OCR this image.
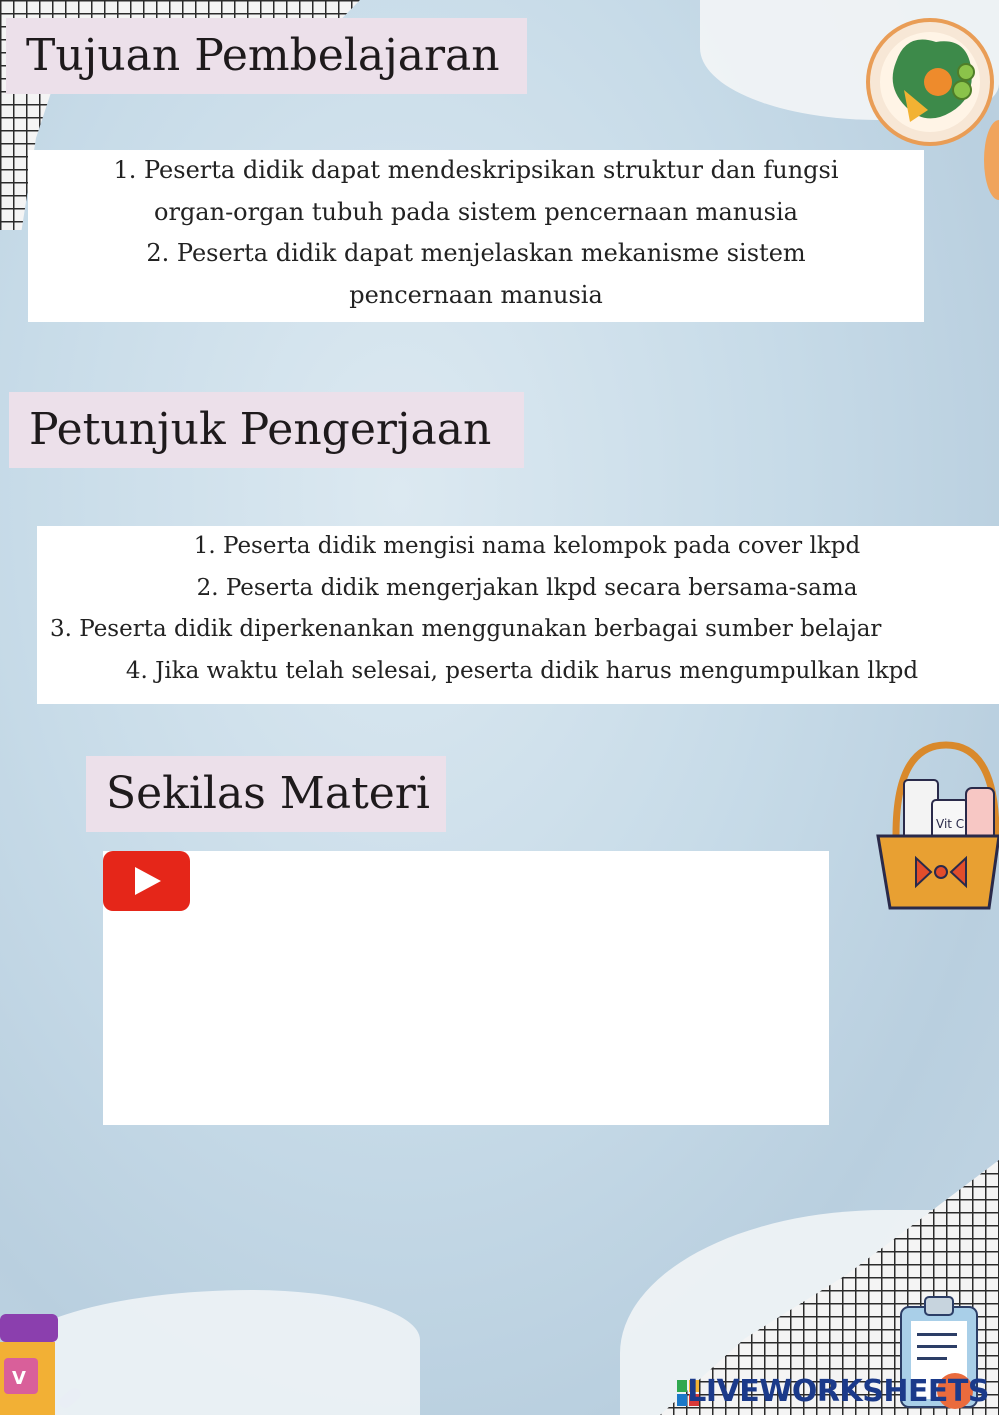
Tujuan Pembelajaran
1. Peserta didik dapat mendeskripsikan struktur dan fungsi
organ-organ tubuh pada sistem pencernaan manusia
2. Peserta didik dapat menjelaskan mekanisme sistem
pencernaan manusia
Petunjuk Pengerjaan
1. Peserta didik mengisi nama kelompok pada cover lkpd
2. Peserta didik mengerjakan lkpd secara bersama-sama
3. Peserta didik diperkenankan menggunakan berbagai sumber belajar
4. Jika waktu telah selesai, peserta didik harus mengumpulkan lkpd
Sekilas Materi
Vit C
V	LIVEWORKSHEETS
